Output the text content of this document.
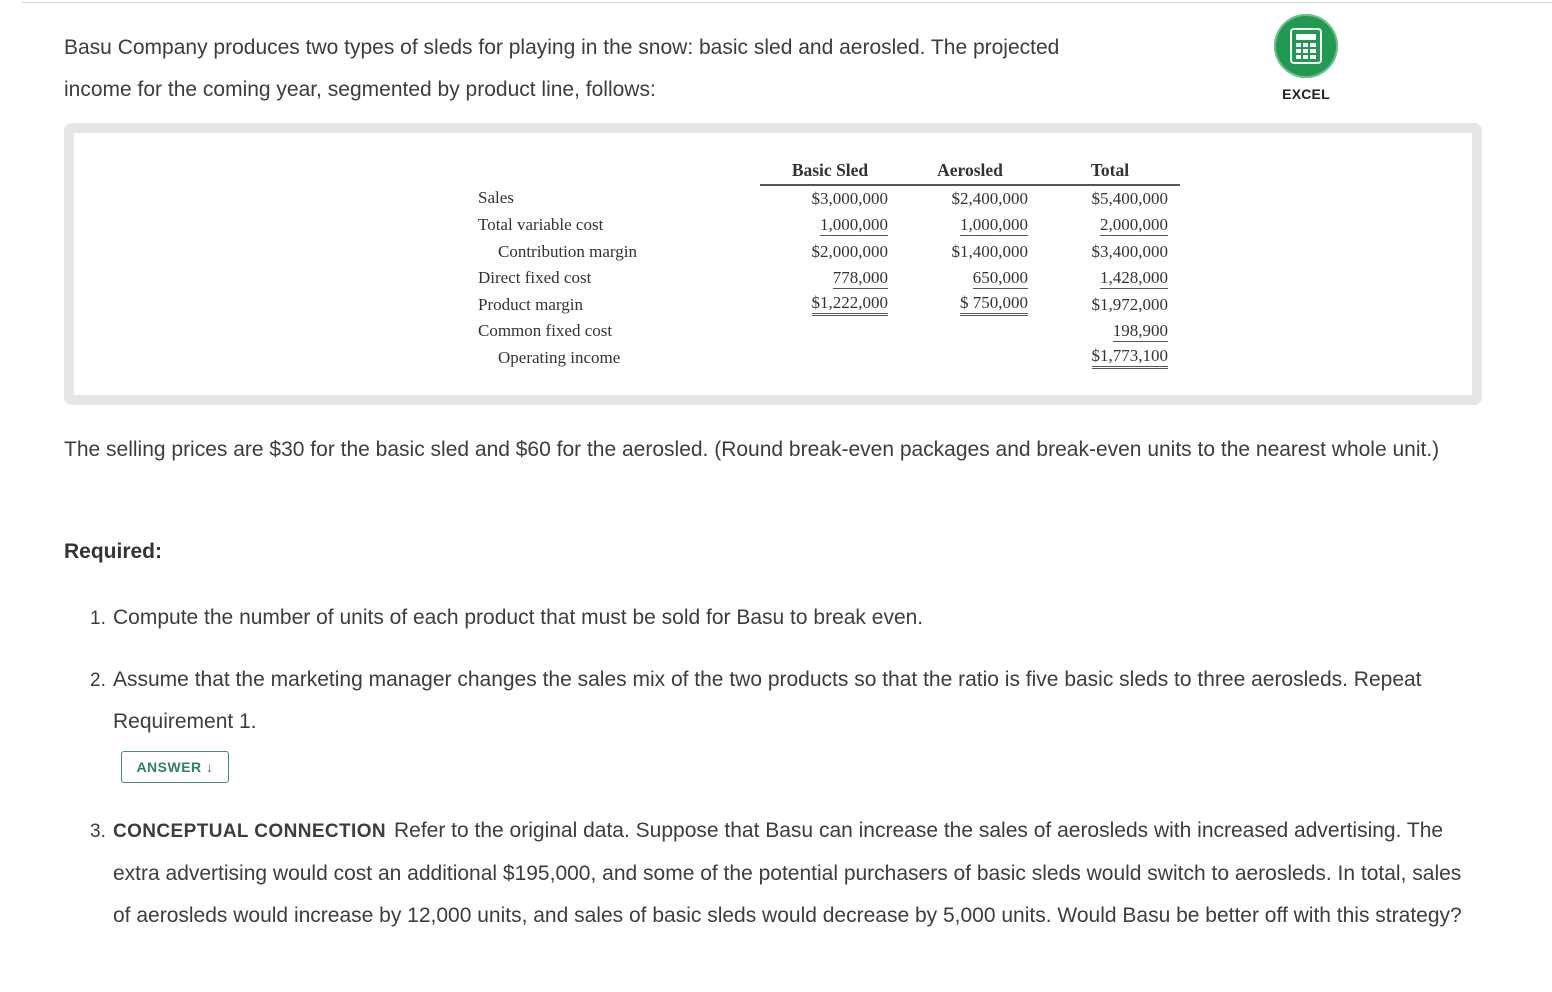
Basu Company produces two types of sleds for playing in the snow: basic sled and aerosled. The projected income for the coming year, segmented by product line, follows:	EXCEL
	Basic Sled	Aerosled	Total
Sales	$3,000,000	$2,400,000	$5,400,000
Total variable cost	1,000,000	1,000,000	2,000,000
Contribution margin	$2,000,000	$1,400,000	$3,400,000
Direct fixed cost	778,000	650,000	1,428,000
Product margin	$1,222,000	$ 750,000	$1,972,000
Common fixed cost			198,900
Operating income			$1,773,100
The selling prices are $30 for the basic sled and $60 for the aerosled. (Round break-even packages and break-even units to the nearest whole unit.)
Required:
1. Compute the number of units of each product that must be sold for Basu to break even.
2. Assume that the marketing manager changes the sales mix of the two products so that the ratio is five basic sleds to three aerosleds. Repeat Requirement 1.
ANSWER ↓
3. CONCEPTUAL CONNECTION Refer to the original data. Suppose that Basu can increase the sales of aerosleds with increased advertising. The extra advertising would cost an additional $195,000, and some of the potential purchasers of basic sleds would switch to aerosleds. In total, sales of aerosleds would increase by 12,000 units, and sales of basic sleds would decrease by 5,000 units. Would Basu be better off with this strategy?
